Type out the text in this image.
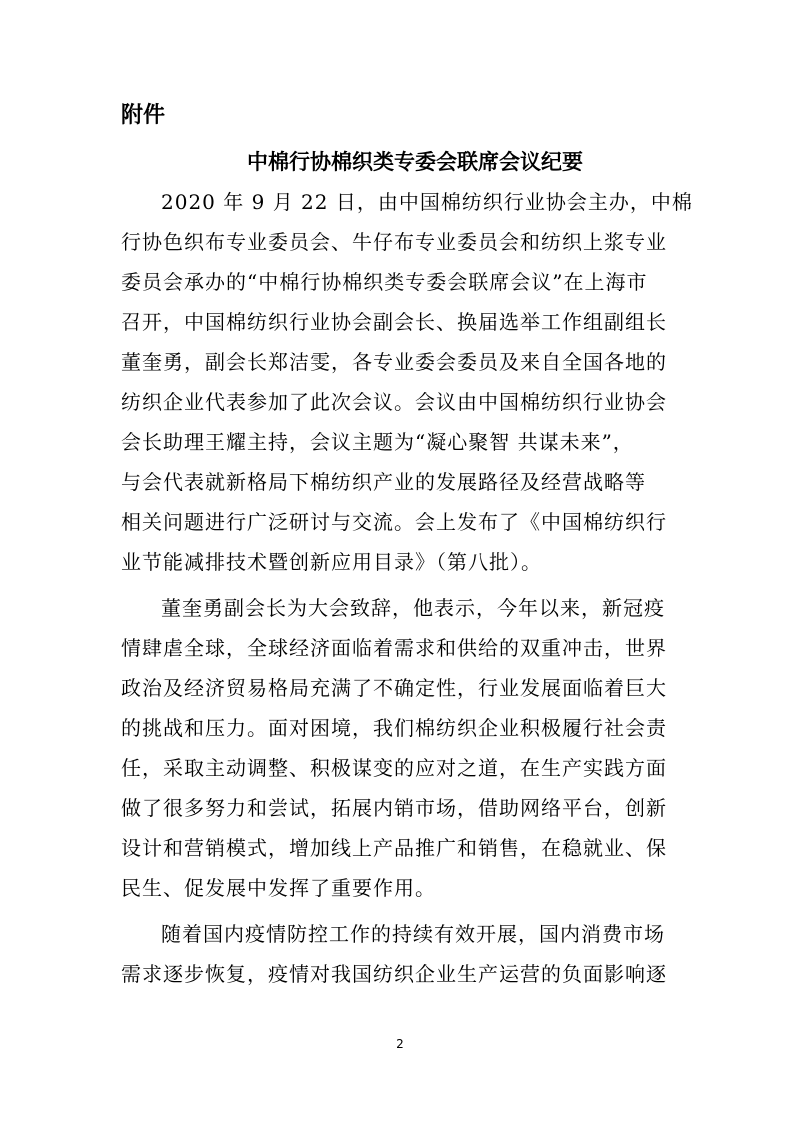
附件
中棉行协棉织类专委会联席会议纪要
2020 年 9 月 22 日，由中国棉纺织行业协会主办，中棉
行协色织布专业委员会、牛仔布专业委员会和纺织上浆专业
委员会承办的“中棉行协棉织类专委会联席会议”在上海市
召开，中国棉纺织行业协会副会长、换届选举工作组副组长
董奎勇，副会长郑洁雯，各专业委会委员及来自全国各地的
纺织企业代表参加了此次会议。会议由中国棉纺织行业协会
会长助理王耀主持，会议主题为“凝心聚智 共谋未来”，
与会代表就新格局下棉纺织产业的发展路径及经营战略等
相关问题进行广泛研讨与交流。会上发布了《中国棉纺织行
业节能减排技术暨创新应用目录》（第八批）。
董奎勇副会长为大会致辞，他表示，今年以来，新冠疫
情肆虐全球，全球经济面临着需求和供给的双重冲击，世界
政治及经济贸易格局充满了不确定性，行业发展面临着巨大
的挑战和压力。面对困境，我们棉纺织企业积极履行社会责
任，采取主动调整、积极谋变的应对之道，在生产实践方面
做了很多努力和尝试，拓展内销市场，借助网络平台，创新
设计和营销模式，增加线上产品推广和销售，在稳就业、保
民生、促发展中发挥了重要作用。
随着国内疫情防控工作的持续有效开展，国内消费市场
需求逐步恢复，疫情对我国纺织企业生产运营的负面影响逐
2
